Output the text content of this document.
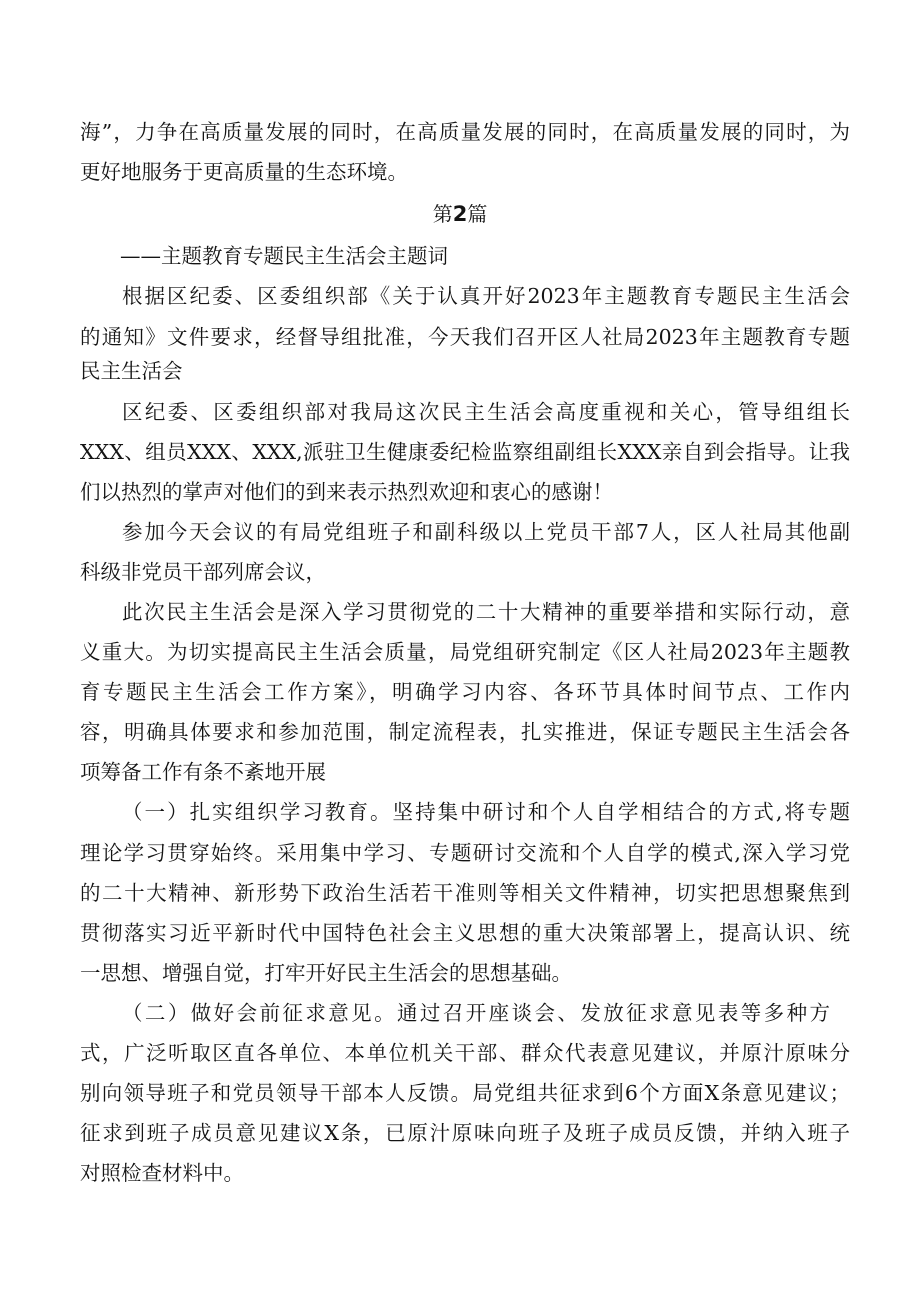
海”，力争在高质量发展的同时，在高质量发展的同时，在高质量发展的同时，为
更好地服务于更高质量的生态环境。
第2篇
——主题教育专题民主生活会主题词
根据区纪委、区委组织部《关于认真开好2023年主题教育专题民主生活会
的通知》文件要求，经督导组批准，今天我们召开区人社局2023年主题教育专题
民主生活会
区纪委、区委组织部对我局这次民主生活会高度重视和关心，管导组组长
XXX、组员XXX、XXX,派驻卫生健康委纪检监察组副组长XXX亲自到会指导。让我
们以热烈的掌声对他们的到来表示热烈欢迎和衷心的感谢！
参加今天会议的有局党组班子和副科级以上党员干部7人，区人社局其他副
科级非党员干部列席会议，
此次民主生活会是深入学习贯彻党的二十大精神的重要举措和实际行动，意
义重大。为切实提高民主生活会质量，局党组研究制定《区人社局2023年主题教
育专题民主生活会工作方案》，明确学习内容、各环节具体时间节点、工作内
容，明确具体要求和参加范围，制定流程表，扎实推进，保证专题民主生活会各
项筹备工作有条不紊地开展
（一）扎实组织学习教育。坚持集中研讨和个人自学相结合的方式,将专题
理论学习贯穿始终。采用集中学习、专题研讨交流和个人自学的模式,深入学习党
的二十大精神、新形势下政治生活若干准则等相关文件精神，切实把思想聚焦到
贯彻落实习近平新时代中国特色社会主义思想的重大决策部署上，提高认识、统
一思想、增强自觉，打牢开好民主生活会的思想基础。
（二）做好会前征求意见。通过召开座谈会、发放征求意见表等多种方
式，广泛听取区直各单位、本单位机关干部、群众代表意见建议，并原汁原味分
别向领导班子和党员领导干部本人反馈。局党组共征求到6个方面X条意见建议；
征求到班子成员意见建议X条，已原汁原味向班子及班子成员反馈，并纳入班子
对照检查材料中。
